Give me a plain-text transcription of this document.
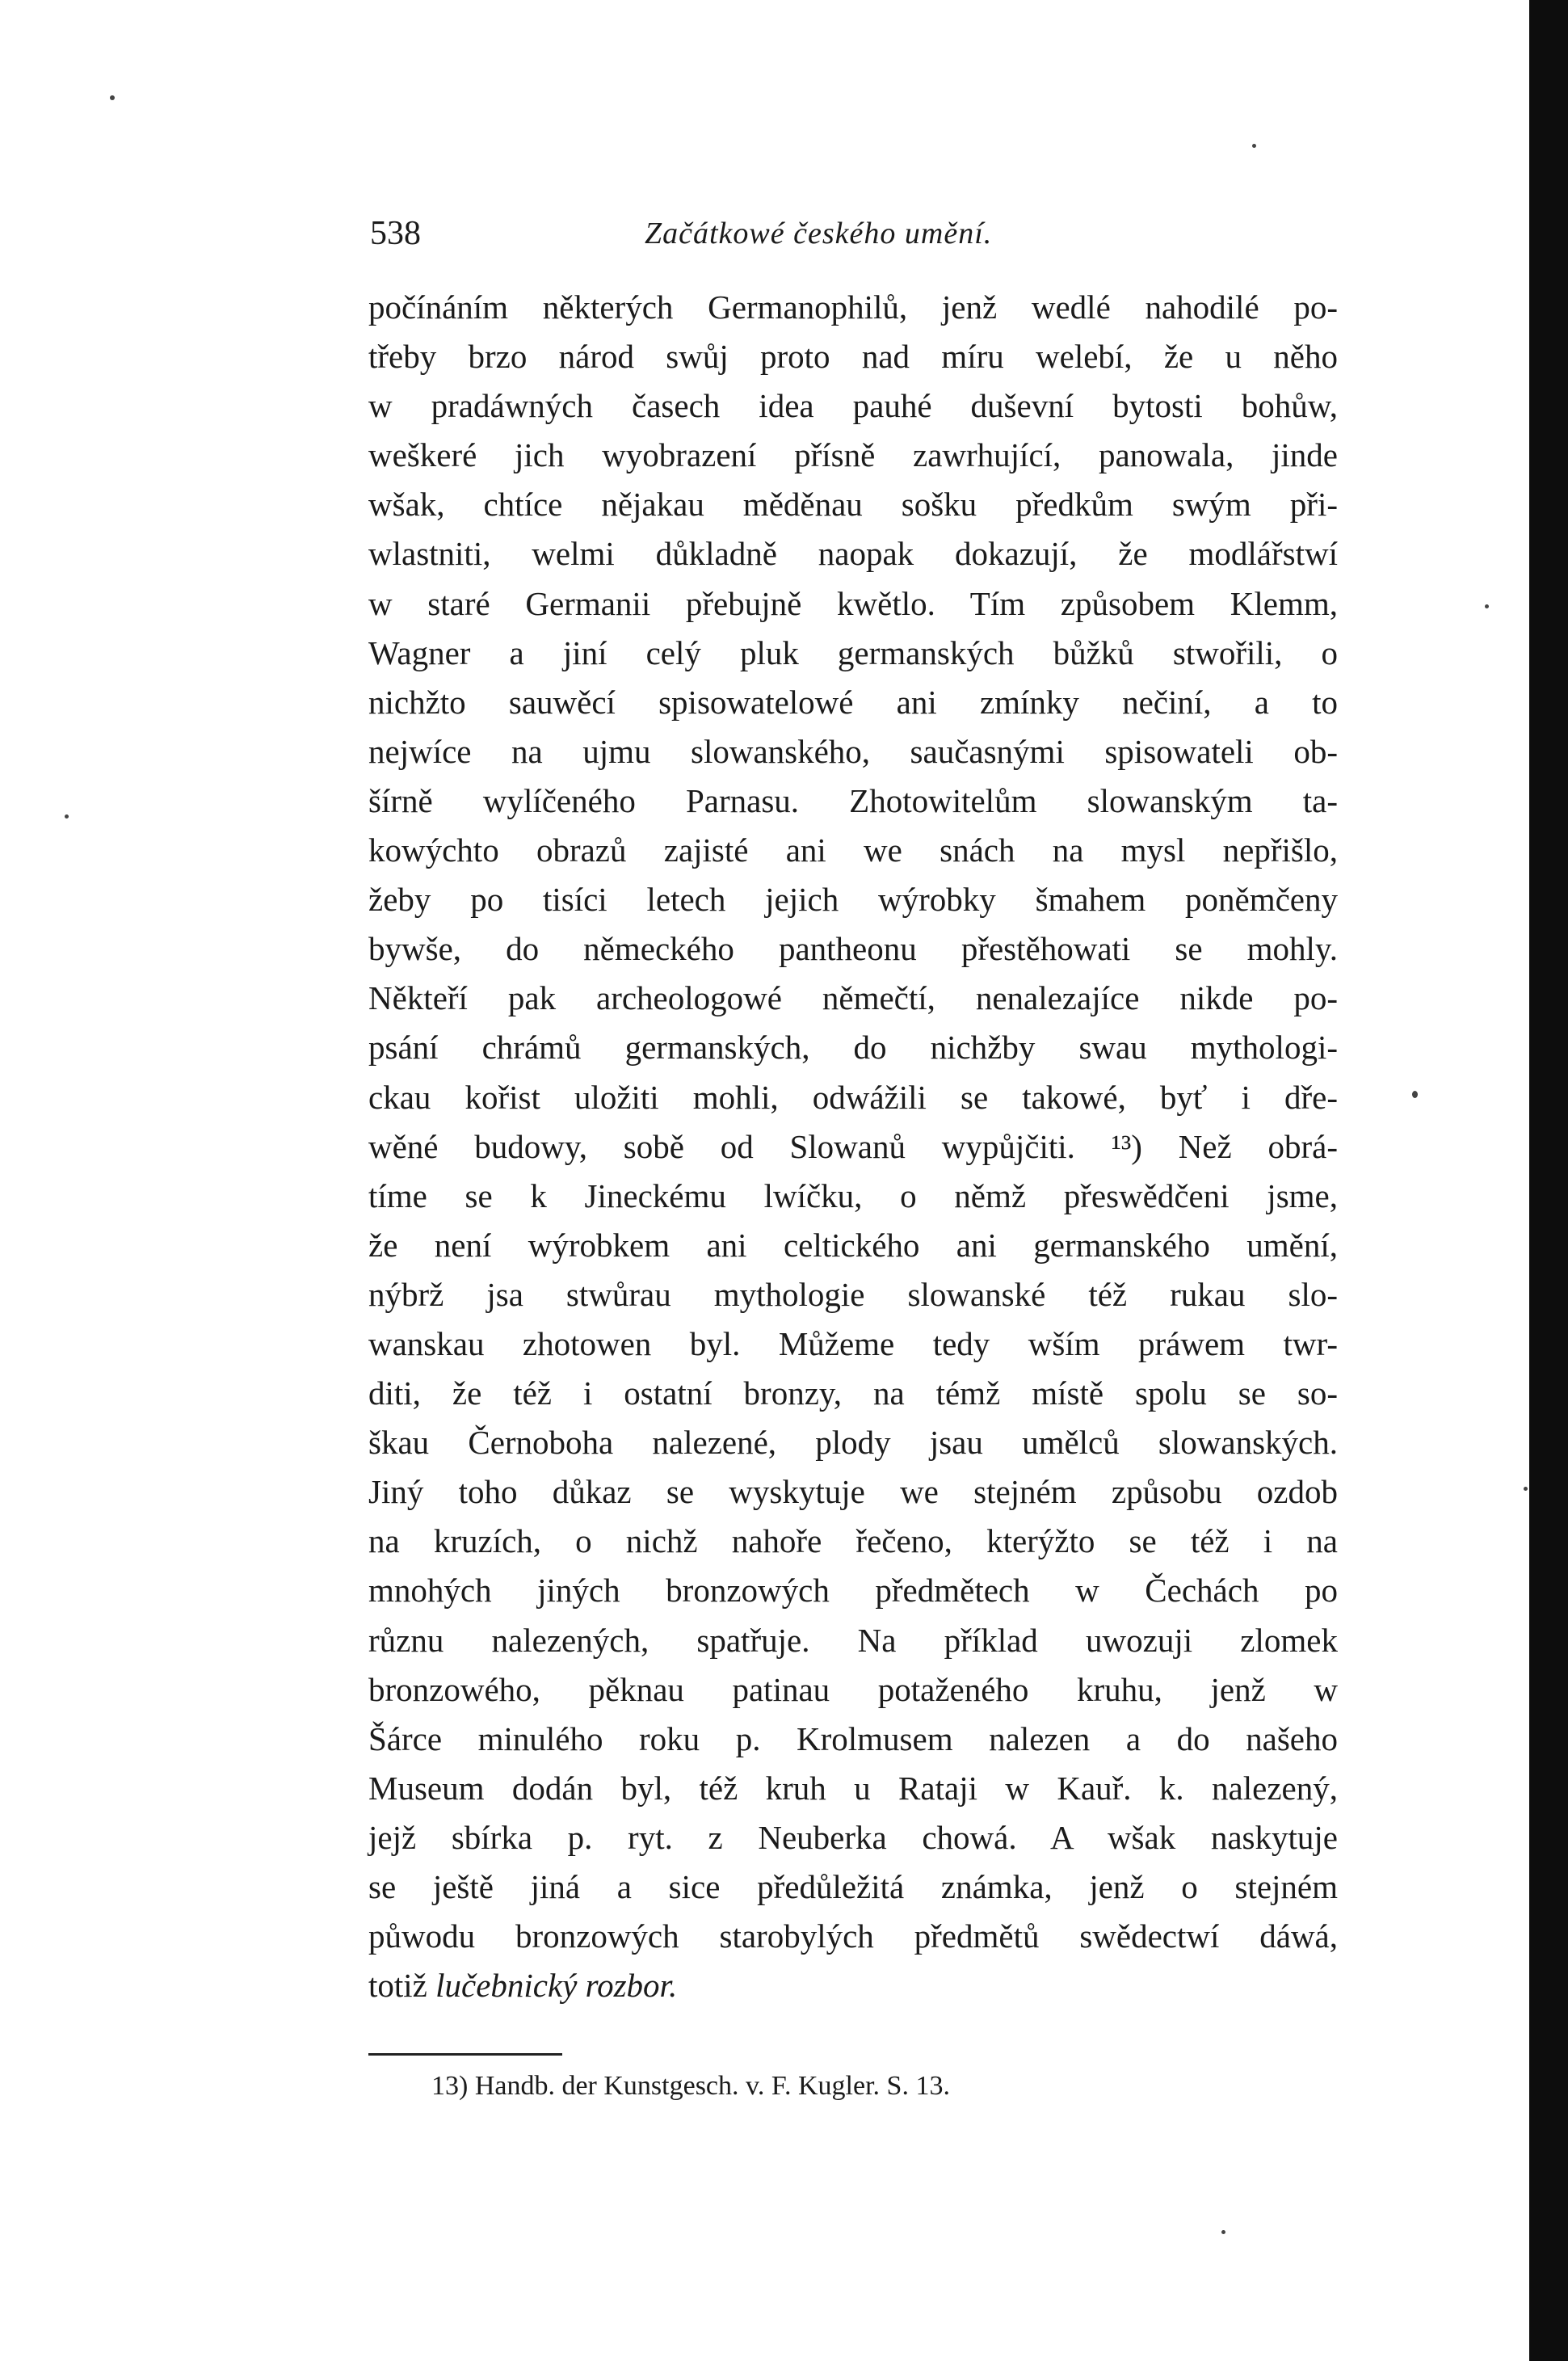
538	Začátkowé českého umění.
počínáním některých Germanophilů, jenž wedlé nahodilé po-
třeby brzo národ swůj proto nad míru welebí, že u něho
w pradáwných časech idea pauhé duševní bytosti bohůw,
weškeré jich wyobrazení přísně zawrhující, panowala, jinde
wšak, chtíce nějakau měděnau sošku předkům swým při-
wlastniti, welmi důkladně naopak dokazují, že modlářstwí
w staré Germanii přebujně kwětlo. Tím způsobem Klemm,
Wagner a jiní celý pluk germanských bůžků stwořili, o
nichžto sauwěcí spisowatelowé ani zmínky nečiní, a to
nejwíce na ujmu slowanského, saučasnými spisowateli ob-
šírně wylíčeného Parnasu. Zhotowitelům slowanským ta-
kowýchto obrazů zajisté ani we snách na mysl nepřišlo,
žeby po tisíci letech jejich wýrobky šmahem poněmčeny
bywše, do německého pantheonu přestěhowati se mohly.
Někteří pak archeologowé němečtí, nenalezajíce nikde po-
psání chrámů germanských, do nichžby swau mythologi-
ckau kořist uložiti mohli, odwážili se takowé, byť i dře-
wěné budowy, sobě od Slowanů wypůjčiti. ¹³) Než obrá-
tíme se k Jineckému lwíčku, o němž přeswědčeni jsme,
že není wýrobkem ani celtického ani germanského umění,
nýbrž jsa stwůrau mythologie slowanské též rukau slo-
wanskau zhotowen byl. Můžeme tedy wším práwem twr-
diti, že též i ostatní bronzy, na témž místě spolu se so-
škau Černoboha nalezené, plody jsau umělců slowanských.
Jiný toho důkaz se wyskytuje we stejném způsobu ozdob
na kruzích, o nichž nahoře řečeno, kterýžto se též i na
mnohých jiných bronzowých předmětech w Čechách po
různu nalezených, spatřuje. Na příklad uwozuji zlomek
bronzowého, pěknau patinau potaženého kruhu, jenž w
Šárce minulého roku p. Krolmusem nalezen a do našeho
Museum dodán byl, též kruh u Rataji w Kauř. k. nalezený,
jejž sbírka p. ryt. z Neuberka chowá. A wšak naskytuje
se ještě jiná a sice předůležitá známka, jenž o stejném
půwodu bronzowých starobylých předmětů swědectwí dáwá,
totiž lučebnický rozbor.
13) Handb. der Kunstgesch. v. F. Kugler. S. 13.
